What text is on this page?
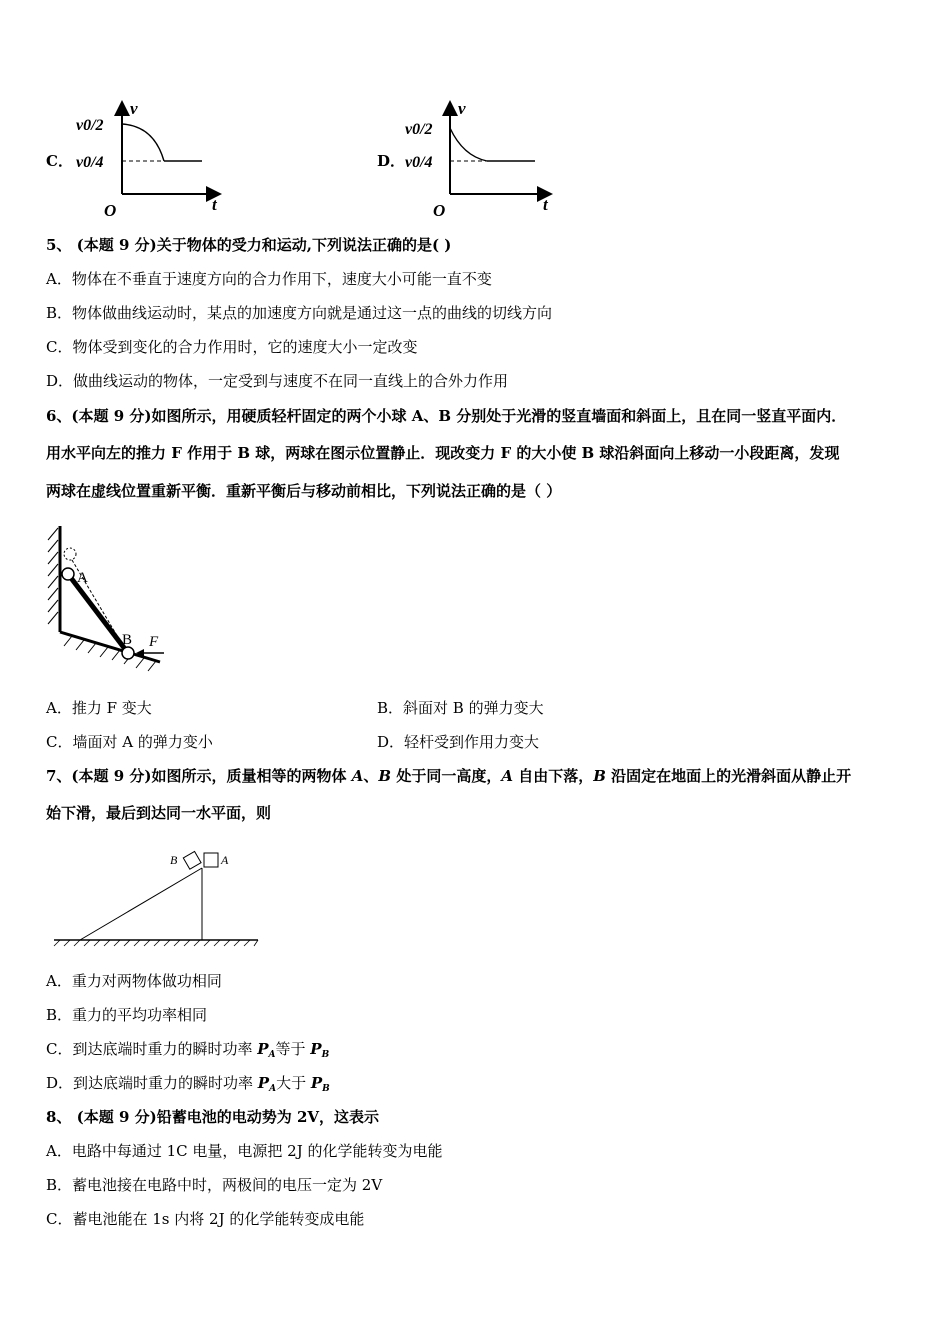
C．
v
t
O
v0/2
v0/4	D．
v
t
O
v0/2
v0/4
5、 (本题 9 分)关于物体的受力和运动,下列说法正确的是( )
A．物体在不垂直于速度方向的合力作用下，速度大小可能一直不变
B．物体做曲线运动时，某点的加速度方向就是通过这一点的曲线的切线方向
C．物体受到变化的合力作用时，它的速度大小一定改变
D．做曲线运动的物体，一定受到与速度不在同一直线上的合外力作用
6、(本题 9 分)如图所示，用硬质轻杆固定的两个小球 A、B 分别处于光滑的竖直墙面和斜面上，且在同一竖直平面内．
用水平向左的推力 F 作用于 B 球，两球在图示位置静止．现改变力 F 的大小使 B 球沿斜面向上移动一小段距离，发现
两球在虚线位置重新平衡．重新平衡后与移动前相比，下列说法正确的是（ ）
A
B F
A．推力 F 变大	B．斜面对 B 的弹力变大
C．墙面对 A 的弹力变小	D．轻杆受到作用力变大
7、(本题 9 分)如图所示，质量相等的两物体 A、B 处于同一高度，A 自由下落，B 沿固定在地面上的光滑斜面从静止开
始下滑，最后到达同一水平面，则
B	A
A．重力对两物体做功相同
B．重力的平均功率相同
C．到达底端时重力的瞬时功率 $P_A$等于 $P_B$
D．到达底端时重力的瞬时功率 $P_A$大于 $P_B$
8、 (本题 9 分)铅蓄电池的电动势为 2V，这表示
A．电路中每通过 1C 电量，电源把 2J 的化学能转变为电能
B．蓄电池接在电路中时，两极间的电压一定为 2V
C．蓄电池能在 1s 内将 2J 的化学能转变成电能
